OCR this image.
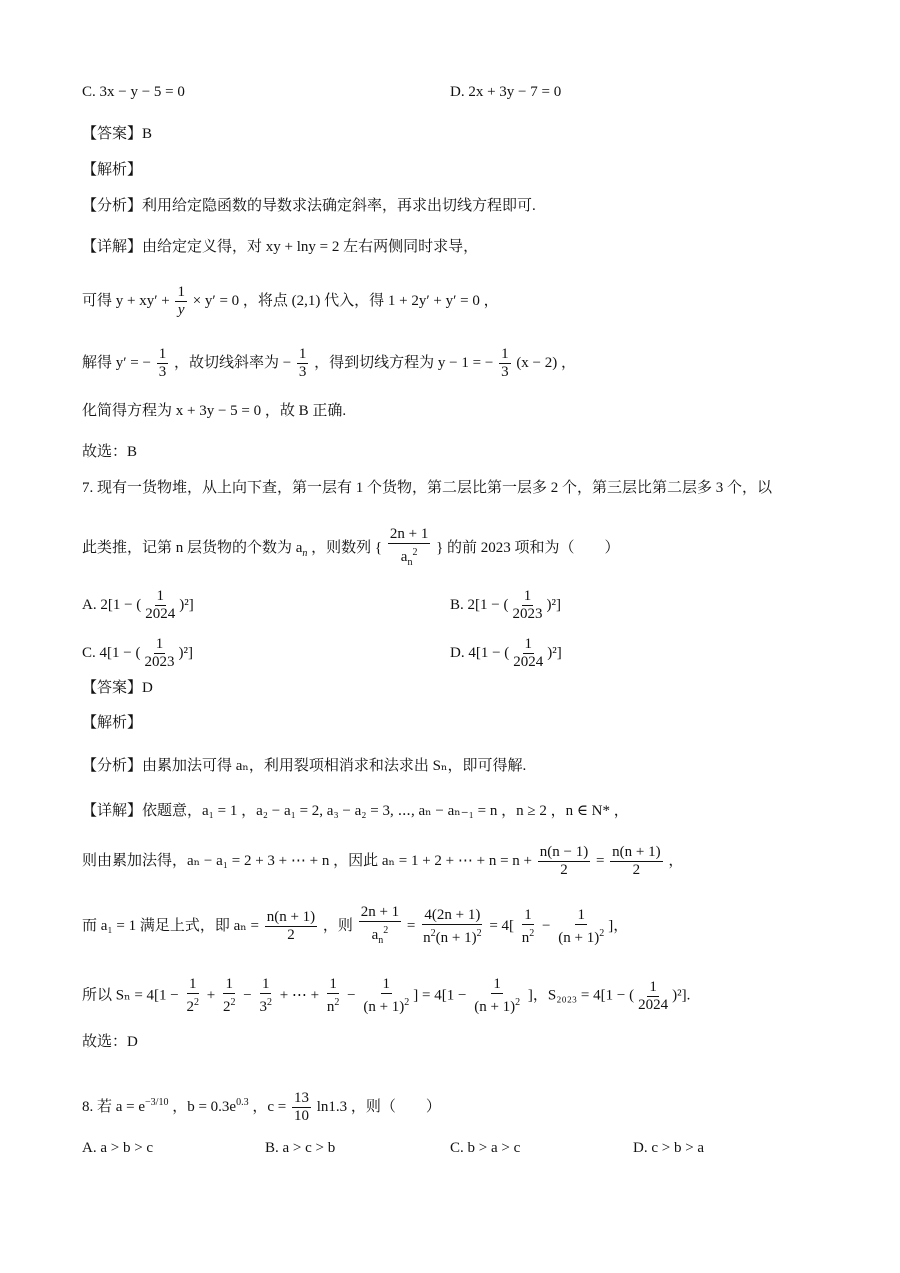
C. 3x − y − 5 = 0	D. 2x + 3y − 7 = 0
【答案】B
【解析】
【分析】利用给定隐函数的导数求法确定斜率，再求出切线方程即可.
【详解】由给定定义得，对 xy + lny = 2 左右两侧同时求导，
可得 $y + xy' + \frac{1}{y} \times y' = 0$ ，将点 (2,1) 代入，得 1 + 2y′ + y′ = 0 ，
解得 y′ = − $\frac{1}{3}$ ，故切线斜率为 − $\frac{1}{3}$ ，得到切线方程为 y − 1 = − $\frac{1}{3} (x - 2)$ ，
化简得方程为 x + 3y − 5 = 0 ，故 B 正确.
故选：B
7. 现有一货物堆，从上向下查，第一层有 1 个货物，第二层比第一层多 2 个，第三层比第二层多 3 个，以
此类推，记第 n 层货物的个数为 $a_n$ ，则数列 { $\frac{2n + 1}{a_n^2}$ } 的前 2023 项和为（　　）
A. 2[1 − ( $\frac{1}{2024} )^2$]	B. 2[1 − ( $\frac{1}{2023} )^2$]
C. 4[1 − ( $\frac{1}{2023} )^2$]	D. 4[1 − ( $\frac{1}{2024} )^2$]
【答案】D
【解析】
【分析】由累加法可得 aₙ，利用裂项相消求和法求出 Sₙ，即可得解.
【详解】依题意，a₁ = 1 ，a₂ − a₁ = 2, a₃ − a₂ = 3, ⋯, aₙ − aₙ₋₁ = n ，n ≥ 2 ，n ∈ N* ，
则由累加法得，aₙ − a₁ = 2 + 3 + ⋯ + n ，因此 aₙ = 1 + 2 + ⋯ + $n = n + \frac{n(n - 1)}{2} = \frac{n(n + 1)}{2}$ ，
而 a₁ = 1 满足上式，即 $a_n = \frac{n(n + 1)}{2}$ ，则 $\frac{2n + 1}{a_n^2} = \frac{4(2n + 1)}{n^2(n + 1)^2} = 4[ \frac{1}{n^2} - \frac{1}{(n + 1)^2}$ ]，
所以 $S_n = 4[1 - \frac{1}{2^2} + \frac{1}{2^2} - \frac{1}{3^2}$ + ⋯ + $\frac{1}{n^2} - \frac{1}{(n + 1)^2}$ ] = $4[1 - \frac{1}{(n + 1)^2}$ ]，S₂₀₂₃ = 4[1 − ( $\frac{1}{2024} )^2$].
故选：D
8. 若 $a = e^{-3/10}$ ，$b = 0.3e^{0.3}$ ，$c = \frac{13}{10} \ln 1.3$ ，则（　　）
A. a > b > c	B. a > c > b	C. b > a > c	D. c > b > a
